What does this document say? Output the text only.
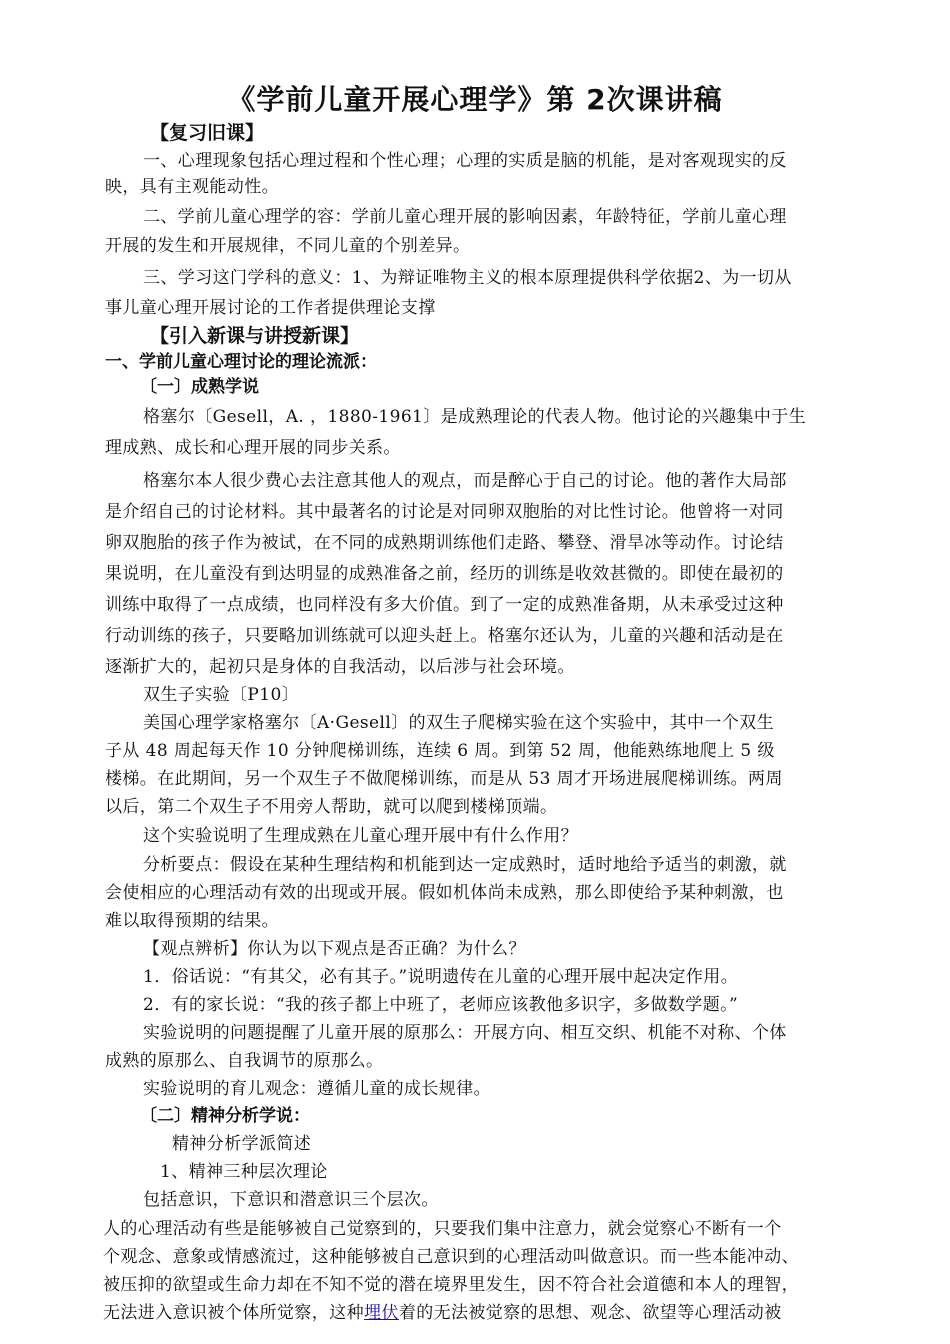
《学前儿童开展心理学》第 2次课讲稿
【复习旧课】
一、心理现象包括心理过程和个性心理；心理的实质是脑的机能，是对客观现实的反
映，具有主观能动性。
二、学前儿童心理学的容：学前儿童心理开展的影响因素，年龄特征，学前儿童心理
开展的发生和开展规律，不同儿童的个别差异。
三、学习这门学科的意义：1、为辩证唯物主义的根本原理提供科学依据2、为一切从
事儿童心理开展讨论的工作者提供理论支撑
【引入新课与讲授新课】
一、学前儿童心理讨论的理论流派：
〔一〕成熟学说
格塞尔〔Gesell，A. ，1880-1961〕是成熟理论的代表人物。他讨论的兴趣集中于生
理成熟、成长和心理开展的同步关系。
格塞尔本人很少费心去注意其他人的观点，而是醉心于自己的讨论。他的著作大局部
是介绍自己的讨论材料。其中最著名的讨论是对同卵双胞胎的对比性讨论。他曾将一对同
卵双胞胎的孩子作为被试，在不同的成熟期训练他们走路、攀登、滑旱冰等动作。讨论结
果说明，在儿童没有到达明显的成熟准备之前，经历的训练是收效甚微的。即使在最初的
训练中取得了一点成绩，也同样没有多大价值。到了一定的成熟准备期，从未承受过这种
行动训练的孩子，只要略加训练就可以迎头赶上。格塞尔还认为，儿童的兴趣和活动是在
逐渐扩大的，起初只是身体的自我活动，以后涉与社会环境。
双生子实验〔P10〕
美国心理学家格塞尔〔A·Gesell〕的双生子爬梯实验在这个实验中，其中一个双生
子从 48 周起每天作 10 分钟爬梯训练，连续 6 周。到第 52 周，他能熟练地爬上 5 级
楼梯。在此期间，另一个双生子不做爬梯训练，而是从 53 周才开场进展爬梯训练。两周
以后，第二个双生子不用旁人帮助，就可以爬到楼梯顶端。
这个实验说明了生理成熟在儿童心理开展中有什么作用？
分析要点：假设在某种生理结构和机能到达一定成熟时，适时地给予适当的刺激，就
会使相应的心理活动有效的出现或开展。假如机体尚未成熟，那么即使给予某种刺激，也
难以取得预期的结果。
【观点辨析】你认为以下观点是否正确？为什么？
1．俗话说：“有其父，必有其子。”说明遗传在儿童的心理开展中起决定作用。
2．有的家长说：“我的孩子都上中班了，老师应该教他多识字，多做数学题。”
实验说明的问题提醒了儿童开展的原那么：开展方向、相互交织、机能不对称、个体
成熟的原那么、自我调节的原那么。
实验说明的育儿观念：遵循儿童的成长规律。
〔二〕精神分析学说：
精神分析学派简述
1、精神三种层次理论
包括意识，下意识和潜意识三个层次。
人的心理活动有些是能够被自己觉察到的，只要我们集中注意力，就会觉察心不断有一个
个观念、意象或情感流过，这种能够被自己意识到的心理活动叫做意识。而一些本能冲动、
被压抑的欲望或生命力却在不知不觉的潜在境界里发生，因不符合社会道德和本人的理智，
无法进入意识被个体所觉察，这种埋伏着的无法被觉察的思想、观念、欲望等心理活动被
